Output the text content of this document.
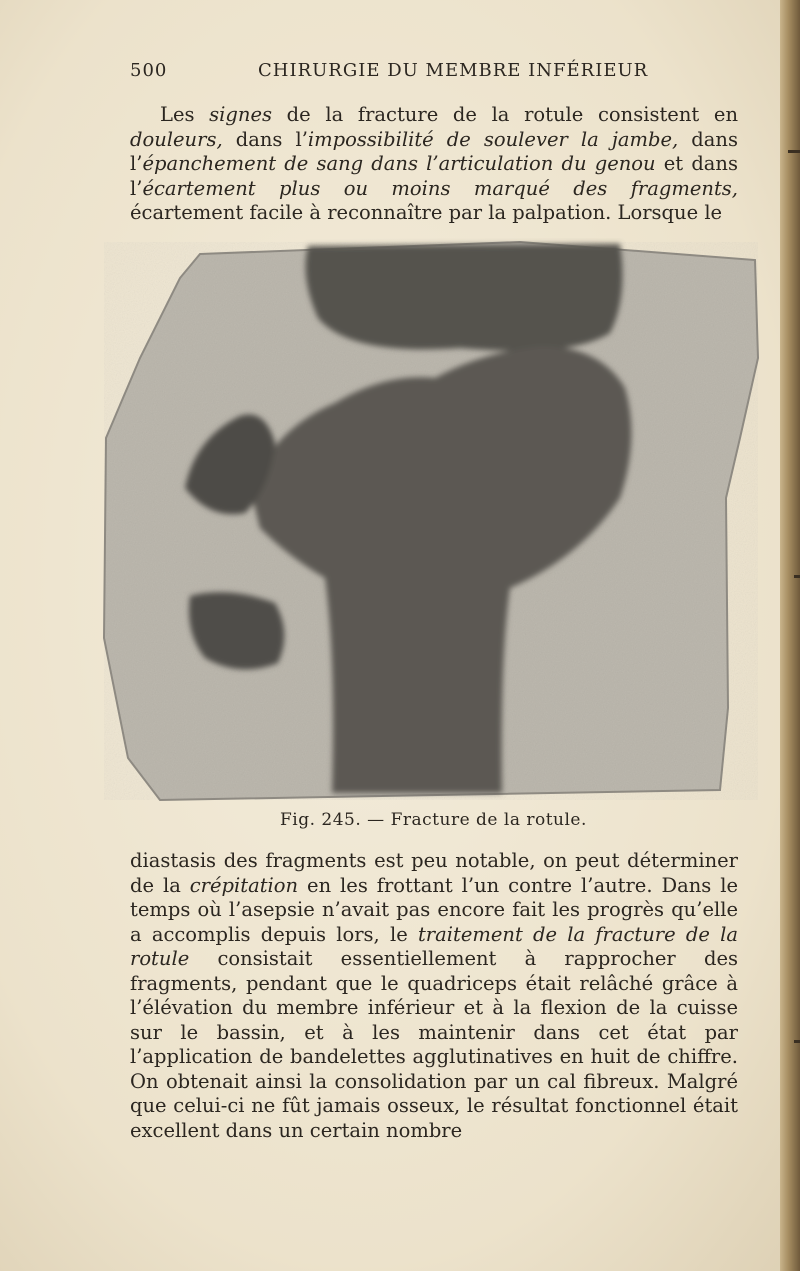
500	CHIRURGIE DU MEMBRE INFÉRIEUR

Les signes de la fracture de la rotule consistent en douleurs, dans l’impossibilité de soulever la jambe, dans l’épanchement de sang dans l’articulation du genou et dans l’écartement plus ou moins marqué des fragments, écartement facile à reconnaître par la palpation. Lorsque le

Fig. 245. — Fracture de la rotule.

diastasis des fragments est peu notable, on peut déterminer de la crépitation en les frottant l’un contre l’autre. Dans le temps où l’asepsie n’avait pas encore fait les progrès qu’elle a accomplis depuis lors, le traitement de la fracture de la rotule consistait essentiellement à rapprocher des fragments, pendant que le quadriceps était relâché grâce à l’élévation du membre inférieur et à la flexion de la cuisse sur le bassin, et à les maintenir dans cet état par l’application de bandelettes agglutinatives en huit de chiffre. On obtenait ainsi la consolidation par un cal fibreux. Malgré que celui-ci ne fût jamais osseux, le résultat fonctionnel était excellent dans un certain nombre
